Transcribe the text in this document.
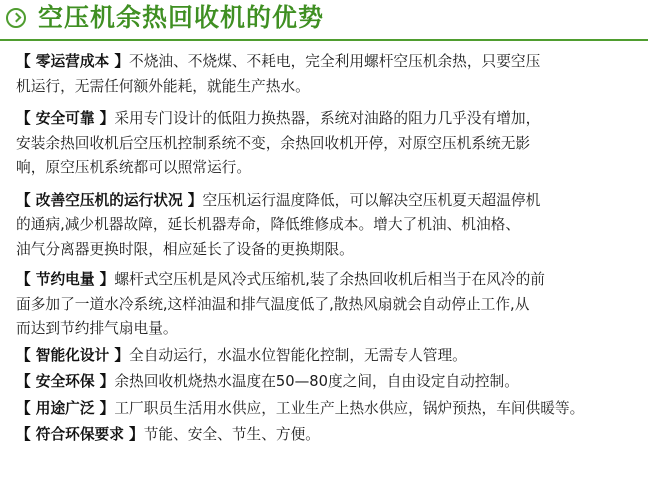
空压机余热回收机的优势
【 零运营成本 】不烧油、不烧煤、不耗电，完全利用螺杆空压机余热，只要空压
机运行，无需任何额外能耗，就能生产热水。
【 安全可靠 】采用专门设计的低阻力换热器，系统对油路的阻力几乎没有增加，
安装余热回收机后空压机控制系统不变，余热回收机开停，对原空压机系统无影
响，原空压机系统都可以照常运行。
【 改善空压机的运行状况 】空压机运行温度降低，可以解决空压机夏天超温停机
的通病,减少机器故障，延长机器寿命，降低维修成本。增大了机油、机油格、
油气分离器更换时限，相应延长了设备的更换期限。
【 节约电量 】螺杆式空压机是风冷式压缩机,装了余热回收机后相当于在风冷的前
面多加了一道水冷系统,这样油温和排气温度低了,散热风扇就会自动停止工作,从
而达到节约排气扇电量。
【 智能化设计 】全自动运行，水温水位智能化控制，无需专人管理。
【 安全环保 】余热回收机烧热水温度在50—80度之间，自由设定自动控制。
【 用途广泛 】工厂职员生活用水供应，工业生产上热水供应，锅炉预热，车间供暖等。
【 符合环保要求 】节能、安全、节生、方便。
